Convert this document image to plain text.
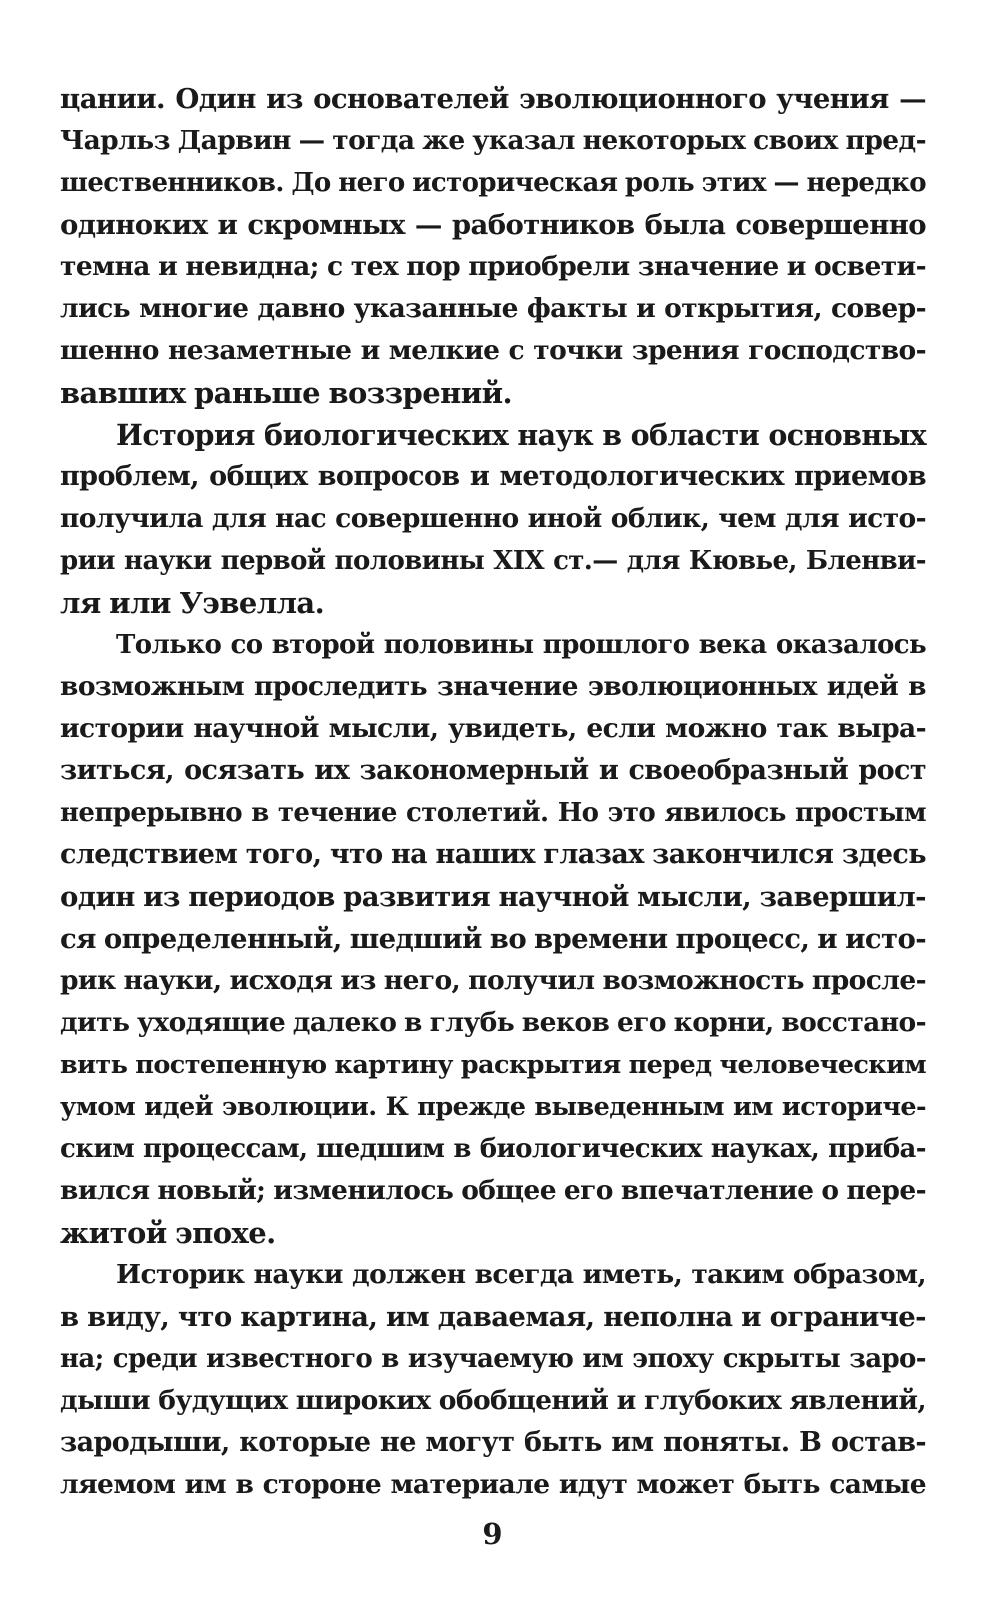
цании. Один из основателей эволюционного учения —
Чарльз Дарвин — тогда же указал некоторых своих пред-
шественников. До него историческая роль этих — нередко
одиноких и скромных — работников была совершенно
темна и невидна; с тех пор приобрели значение и освети-
лись многие давно указанные факты и открытия, совер-
шенно незаметные и мелкие с точки зрения господство-
вавших раньше воззрений.
История биологических наук в области основных
проблем, общих вопросов и методологических приемов
получила для нас совершенно иной облик, чем для исто-
рии науки первой половины XIX ст.— для Кювье, Бленви-
ля или Уэвелла.
Только со второй половины прошлого века оказалось
возможным проследить значение эволюционных идей в
истории научной мысли, увидеть, если можно так выра-
зиться, осязать их закономерный и своеобразный рост
непрерывно в течение столетий. Но это явилось простым
следствием того, что на наших глазах закончился здесь
один из периодов развития научной мысли, завершил-
ся определенный, шедший во времени процесс, и исто-
рик науки, исходя из него, получил возможность просле-
дить уходящие далеко в глубь веков его корни, восстано-
вить постепенную картину раскрытия перед человеческим
умом идей эволюции. К прежде выведенным им историче-
ским процессам, шедшим в биологических науках, приба-
вился новый; изменилось общее его впечатление о пере-
житой эпохе.
Историк науки должен всегда иметь, таким образом,
в виду, что картина, им даваемая, неполна и ограниче-
на; среди известного в изучаемую им эпоху скрыты заро-
дыши будущих широких обобщений и глубоких явлений,
зародыши, которые не могут быть им поняты. В остав-
ляемом им в стороне материале идут может быть самые
9
